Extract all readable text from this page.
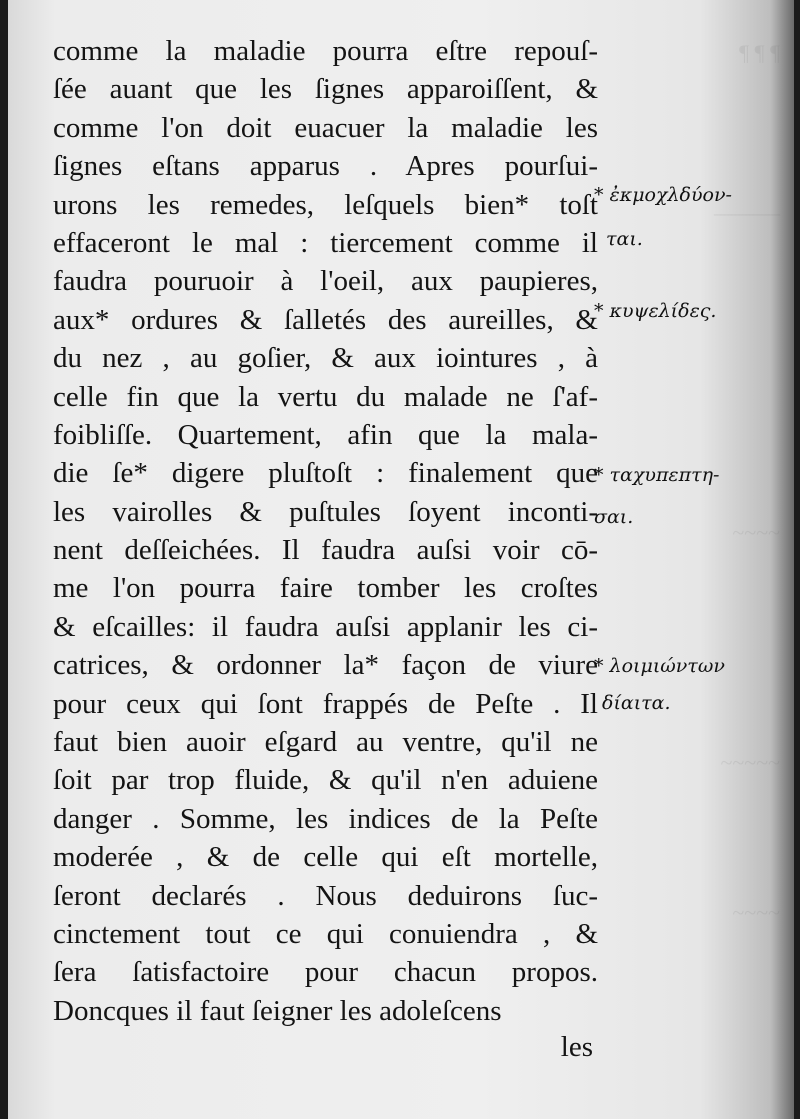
¶ ¶ ¶
———
~~~~
~~~~~
~~~~
comme la maladie pourra eſtre repouſ-
ſée auant que les ſignes apparoiſſent, &
comme l'on doit euacuer la maladie les
ſignes eſtans apparus . Apres pourſui-
urons les remedes, leſquels bien* toſt
effaceront le mal : tiercement comme il
faudra pouruoir à l'oeil, aux paupieres,
aux* ordures & ſalletés des aureilles, &
du nez , au goſier, & aux iointures , à
celle fin que la vertu du malade ne ſ'af-
foibliſſe. Quartement, afin que la mala-
die ſe* digere pluſtoſt : finalement que
les vairolles & puſtules ſoyent inconti-
nent deſſeichées. Il faudra auſsi voir cō-
me l'on pourra faire tomber les croſtes
& eſcailles: il faudra auſsi applanir les ci-
catrices, & ordonner la* façon de viure
pour ceux qui ſont frappés de Peſte . Il
faut bien auoir eſgard au ventre, qu'il ne
ſoit par trop fluide, & qu'il n'en aduiene
danger . Somme, les indices de la Peſte
moderée , & de celle qui eſt mortelle,
ſeront declarés . Nous deduirons ſuc-
cinctement tout ce qui conuiendra , &
ſera ſatisfactoire pour chacun propos.
Doncques il faut ſeigner les adoleſcens
les
* ἐκμοχλδύον-
ται.
* κυψελίδες.
* ταχυπεπτη-
σαι.
* λοιμιώντων
δίαιτα.
